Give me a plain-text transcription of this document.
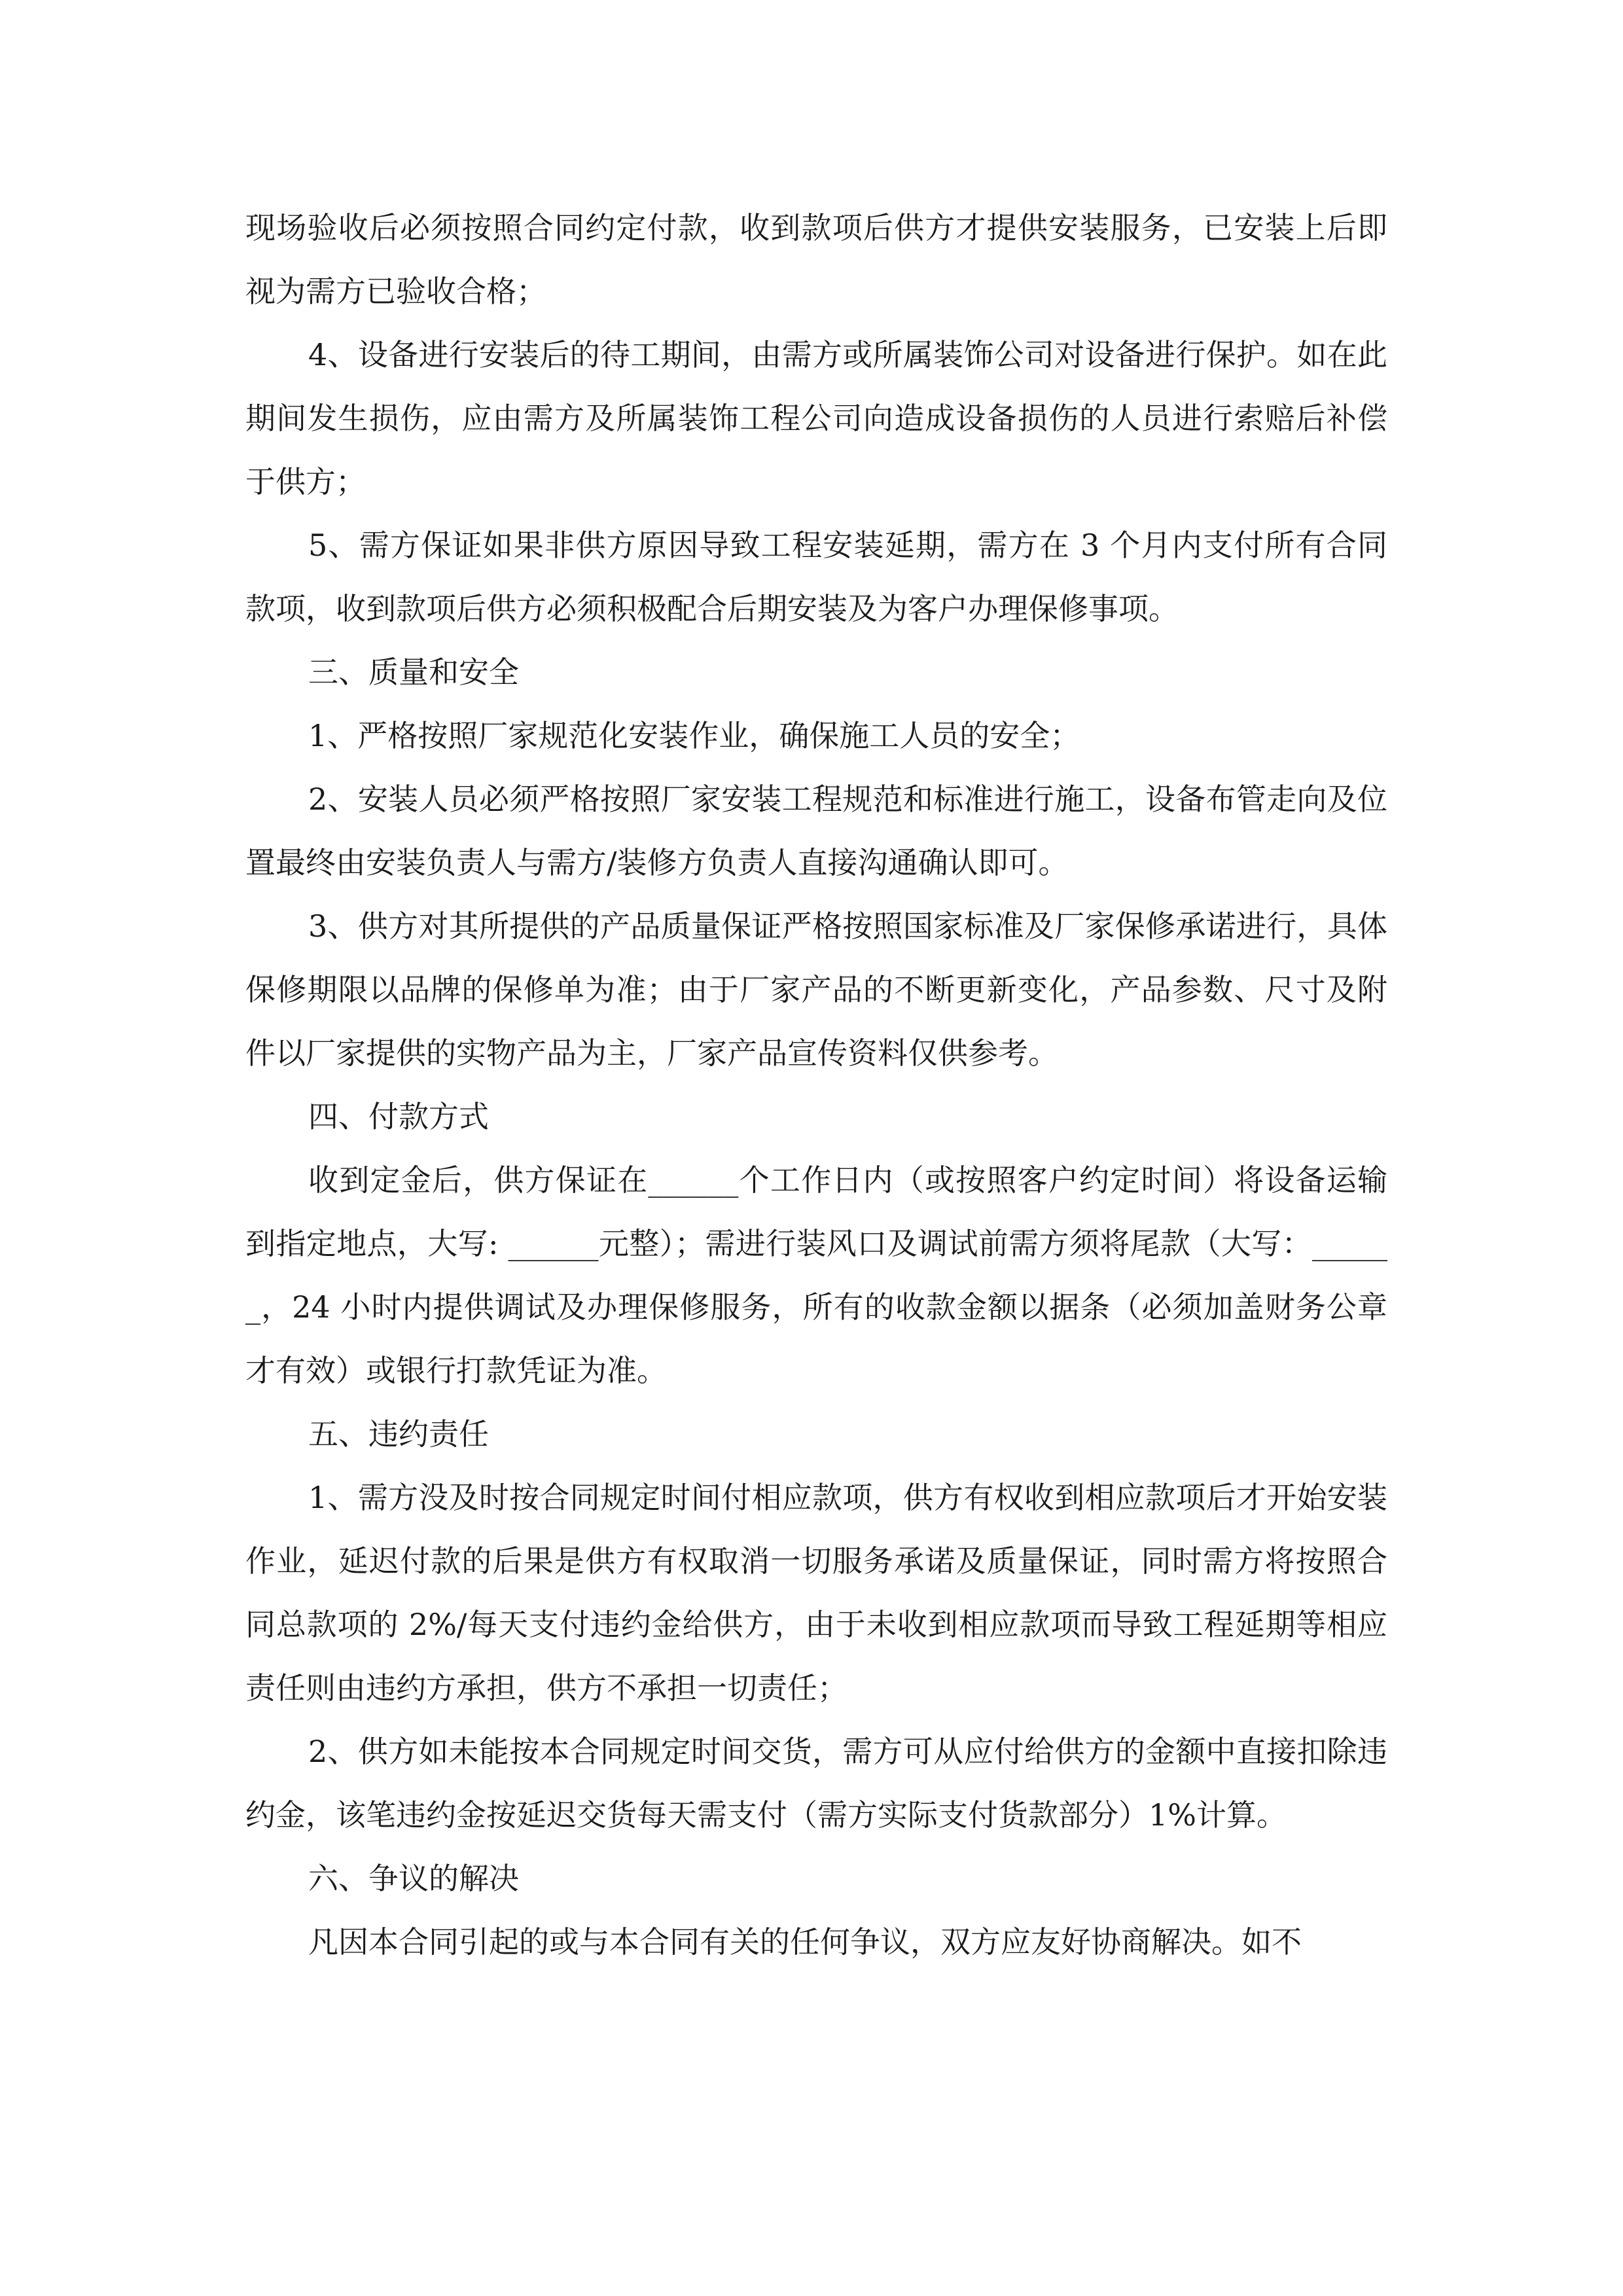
现场验收后必须按照合同约定付款，收到款项后供方才提供安装服务，已安装上后即视为需方已验收合格；

4、设备进行安装后的待工期间，由需方或所属装饰公司对设备进行保护。如在此期间发生损伤，应由需方及所属装饰工程公司向造成设备损伤的人员进行索赔后补偿于供方；

5、需方保证如果非供方原因导致工程安装延期，需方在 3 个月内支付所有合同款项，收到款项后供方必须积极配合后期安装及为客户办理保修事项。

三、质量和安全

1、严格按照厂家规范化安装作业，确保施工人员的安全；

2、安装人员必须严格按照厂家安装工程规范和标准进行施工，设备布管走向及位置最终由安装负责人与需方/装修方负责人直接沟通确认即可。

3、供方对其所提供的产品质量保证严格按照国家标准及厂家保修承诺进行，具体保修期限以品牌的保修单为准；由于厂家产品的不断更新变化，产品参数、尺寸及附件以厂家提供的实物产品为主，厂家产品宣传资料仅供参考。

四、付款方式

收到定金后，供方保证在______个工作日内（或按照客户约定时间）将设备运输到指定地点，大写: ______元整）；需进行装风口及调试前需方须将尾款（大写：______，24 小时内提供调试及办理保修服务，所有的收款金额以据条（必须加盖财务公章才有效）或银行打款凭证为准。

五、违约责任

1、需方没及时按合同规定时间付相应款项，供方有权收到相应款项后才开始安装作业，延迟付款的后果是供方有权取消一切服务承诺及质量保证，同时需方将按照合同总款项的 2%/每天支付违约金给供方，由于未收到相应款项而导致工程延期等相应责任则由违约方承担，供方不承担一切责任；

2、供方如未能按本合同规定时间交货，需方可从应付给供方的金额中直接扣除违约金，该笔违约金按延迟交货每天需支付（需方实际支付货款部分）1%计算。

六、争议的解决

凡因本合同引起的或与本合同有关的任何争议，双方应友好协商解决。如不
